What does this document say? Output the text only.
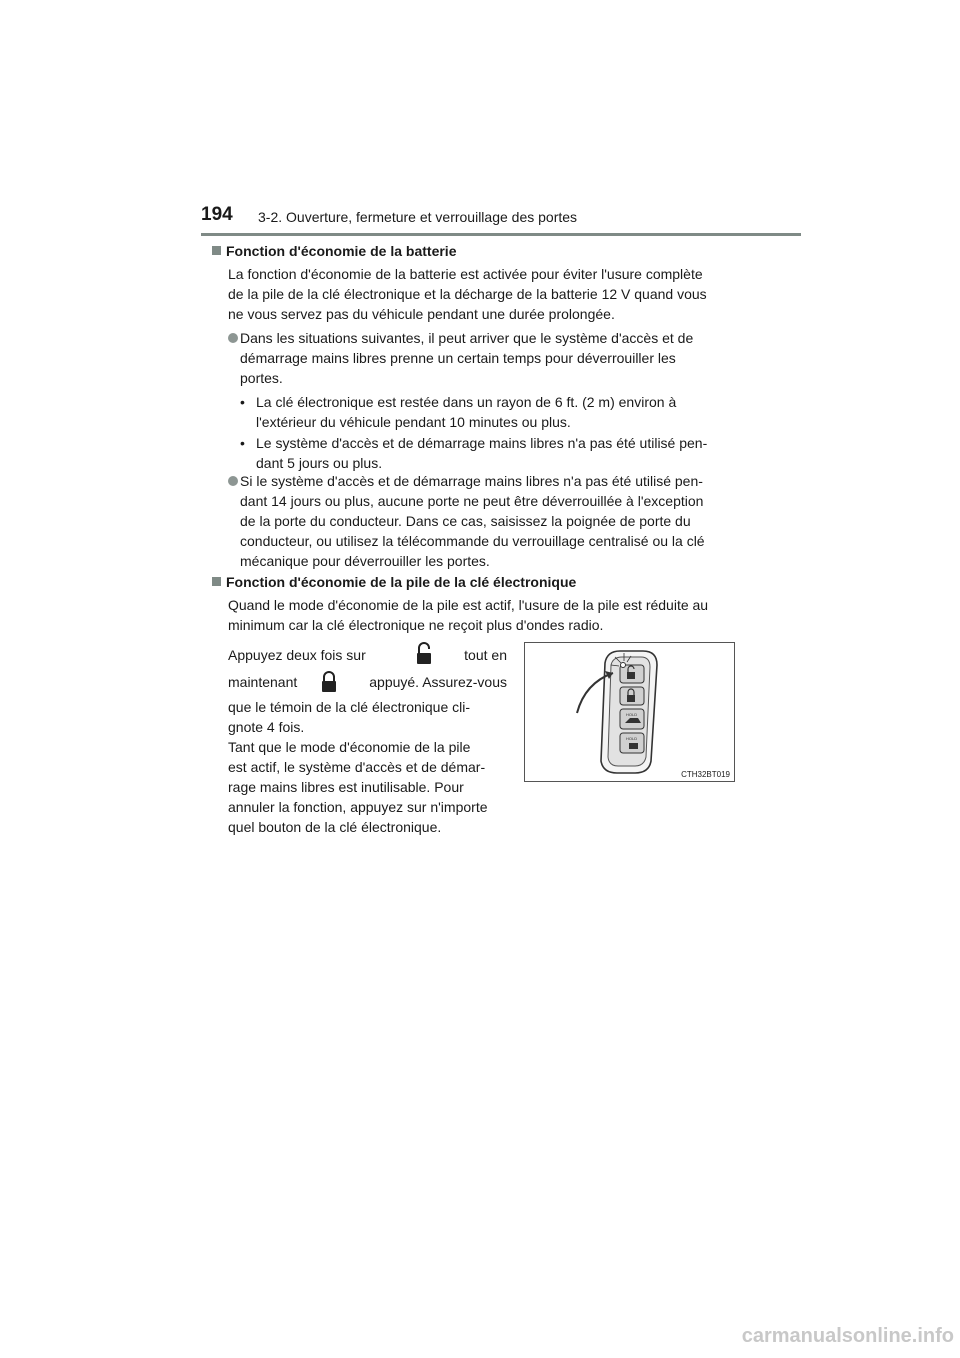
194 3-2. Ouverture, fermeture et verrouillage des portes
Fonction d'économie de la batterie
La fonction d'économie de la batterie est activée pour éviter l'usure complète
de la pile de la clé électronique et la décharge de la batterie 12 V quand vous
ne vous servez pas du véhicule pendant une durée prolongée.
Dans les situations suivantes, il peut arriver que le système d'accès et de
démarrage mains libres prenne un certain temps pour déverrouiller les
portes.
• La clé électronique est restée dans un rayon de 6 ft. (2 m) environ à
l'extérieur du véhicule pendant 10 minutes ou plus.
• Le système d'accès et de démarrage mains libres n'a pas été utilisé pen-
dant 5 jours ou plus.
Si le système d'accès et de démarrage mains libres n'a pas été utilisé pen-
dant 14 jours ou plus, aucune porte ne peut être déverrouillée à l'exception
de la porte du conducteur. Dans ce cas, saisissez la poignée de porte du
conducteur, ou utilisez la télécommande du verrouillage centralisé ou la clé
mécanique pour déverrouiller les portes.
Fonction d'économie de la pile de la clé électronique
Quand le mode d'économie de la pile est actif, l'usure de la pile est réduite au
minimum car la clé électronique ne reçoit plus d'ondes radio.
Appuyez deux fois sur	tout en
maintenant	appuyé. Assurez-vous
que le témoin de la clé électronique cli-
gnote 4 fois.
Tant que le mode d'économie de la pile
est actif, le système d'accès et de démar-
rage mains libres est inutilisable. Pour
annuler la fonction, appuyez sur n'importe
quel bouton de la clé électronique.
HOLD
HOLD
CTH32BT019
carmanualsonline.info
